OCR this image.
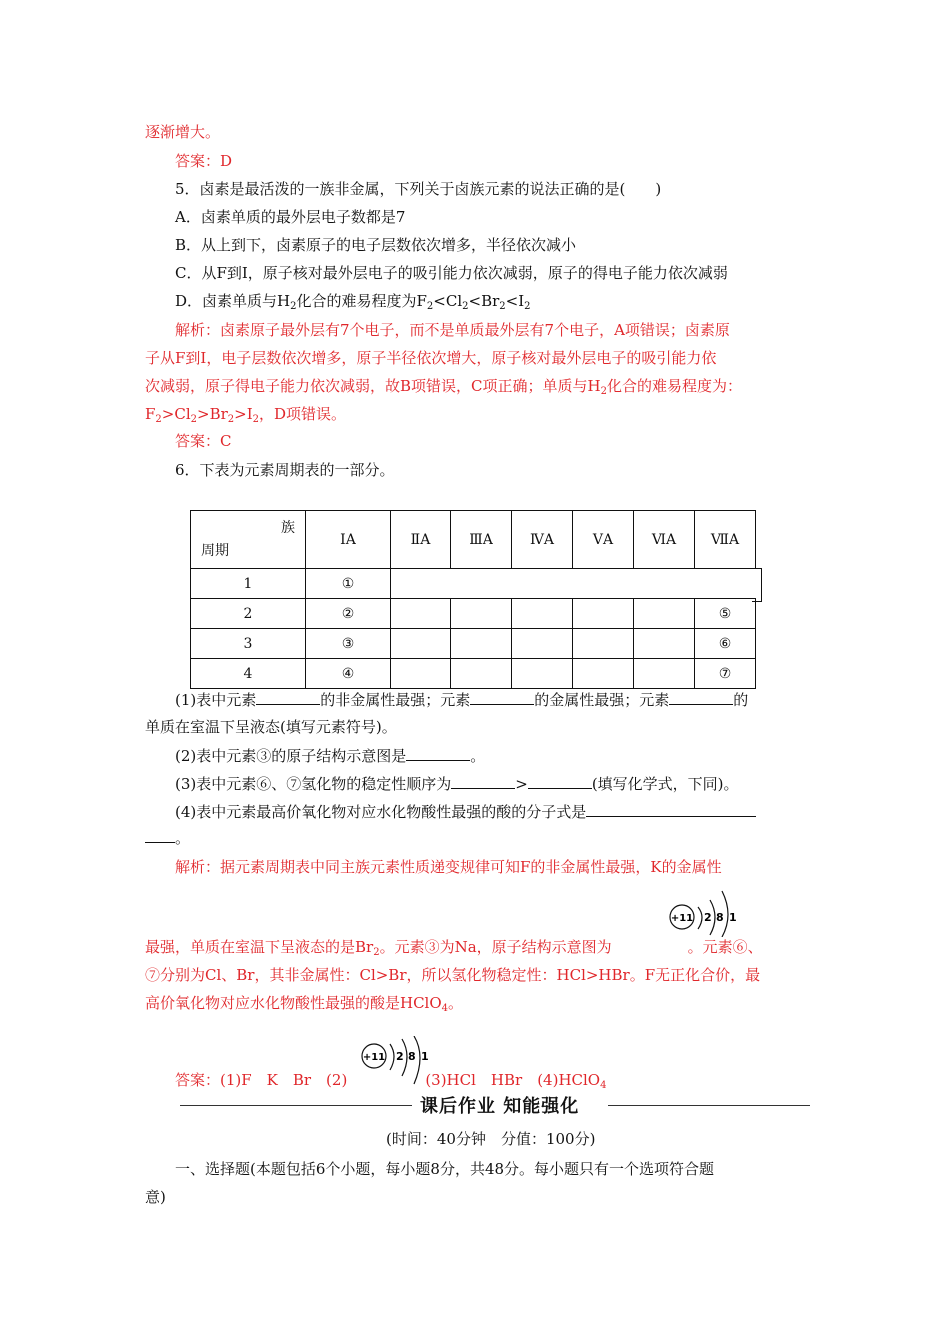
逐渐增大。
答案：D
5．卤素是最活泼的一族非金属，下列关于卤族元素的说法正确的是(　　)
A．卤素单质的最外层电子数都是7
B．从上到下，卤素原子的电子层数依次增多，半径依次减小
C．从F到I，原子核对最外层电子的吸引能力依次减弱，原子的得电子能力依次减弱
D．卤素单质与$H_2$化合的难易程度为$F_2<Cl_2<Br_2<I_2$
解析：卤素原子最外层有7个电子，而不是单质最外层有7个电子，A项错误；卤素原
子从F到I，电子层数依次增多，原子半径依次增大，原子核对最外层电子的吸引能力依
次减弱，原子得电子能力依次减弱，故B项错误，C项正确；单质与$H_2$化合的难易程度为：
$F_2>Cl_2>Br_2>I_2$，D项错误。
答案：C
6．下表为元素周期表的一部分。
族
周期	ⅠA	ⅡA	ⅢA	ⅣA	ⅤA	ⅥA	ⅦA
1	①						
2	②						⑤
3	③						⑥
4	④						⑦
(1)表中元素	的非金属性最强；元素	的金属性最强；元素	的
单质在室温下呈液态(填写元素符号)。
(2)表中元素③的原子结构示意图是	。
(3)表中元素⑥、⑦氢化物的稳定性顺序为	>	(填写化学式，下同)。
(4)表中元素最高价氧化物对应水化物酸性最强的酸的分子式是
。
解析：据元素周期表中同主族元素性质递变规律可知F的非金属性最强，K的金属性
+11 2 8 1
最强，单质在室温下呈液态的是$Br_2$。元素③为Na，原子结构示意图为	。元素⑥、
⑦分别为Cl、Br，其非金属性：Cl>Br，所以氢化物稳定性：HCl>HBr。F无正化合价，最
高价氧化物对应水化物酸性最强的酸是HClO$_4$。
+11 2 8 1
答案：(1)F　K　Br　(2)	(3)HCl　HBr　(4)HClO$_4$
课后作业 知能强化
(时间：40分钟　分值：100分)
一、选择题(本题包括6个小题，每小题8分，共48分。每小题只有一个选项符合题
意)
